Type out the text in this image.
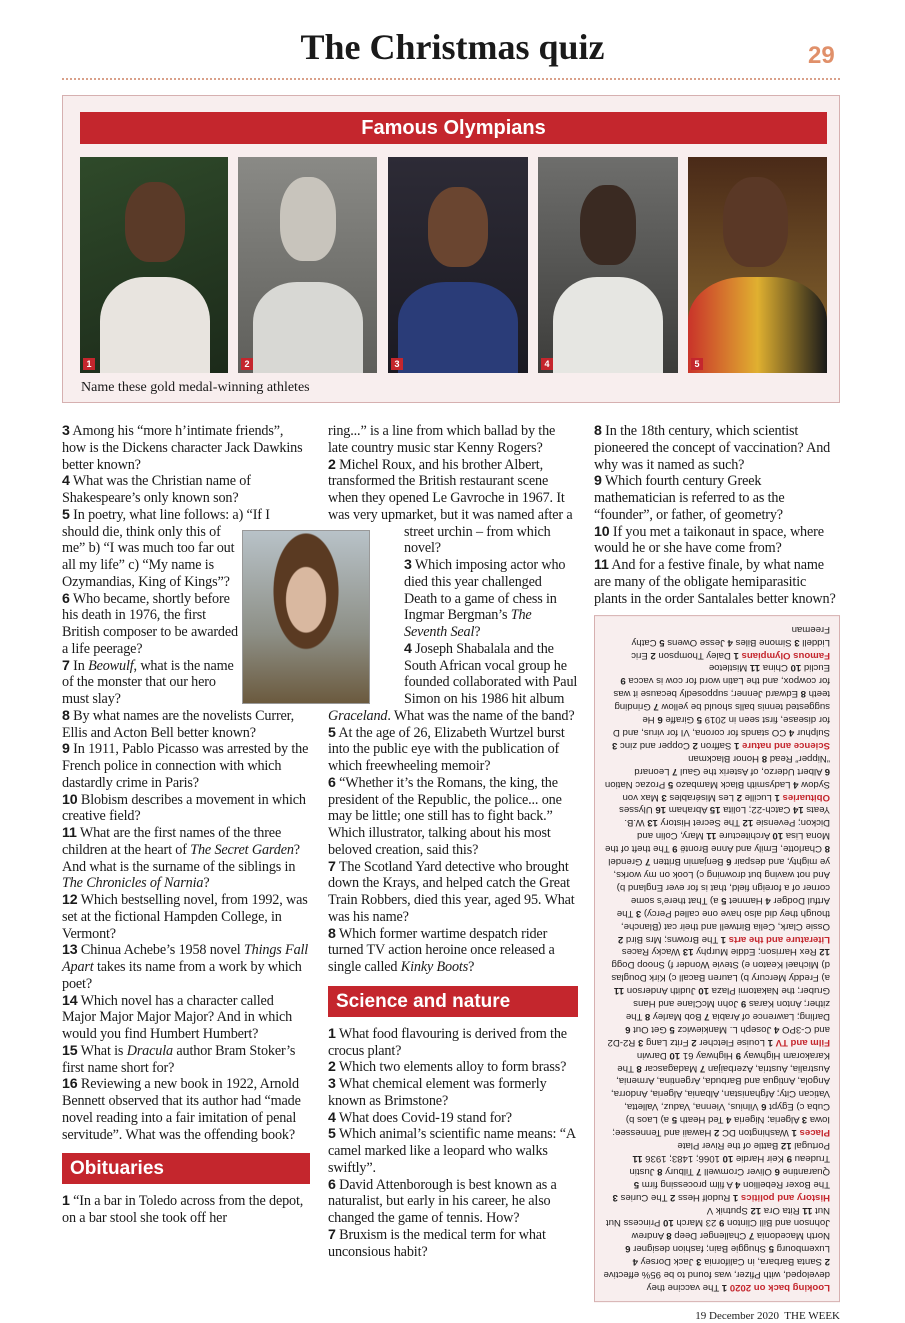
The Christmas quiz	29
Famous Olympians
1	2	3	4	5
Name these gold medal-winning athletes

3 Among his “more h’intimate friends”, how is the Dickens character Jack Dawkins better known?

4 What was the Christian name of Shakespeare’s only known son?

5 In poetry, what line follows: a) “If I should die, think only this of me” b) “I was much too far out all my life” c) “My name is Ozymandias, King of Kings”?

6 Who became, shortly before his death in 1976, the first British composer to be awarded a life peerage?

7 In Beowulf, what is the name of the monster that our hero must slay?

8 By what names are the novelists Currer, Ellis and Acton Bell better known?

9 In 1911, Pablo Picasso was arrested by the French police in connection with which dastardly crime in Paris?

10 Blobism describes a movement in which creative field?

11 What are the first names of the three children at the heart of The Secret Garden? And what is the surname of the siblings in The Chronicles of Narnia?

12 Which bestselling novel, from 1992, was set at the fictional Hampden College, in Vermont?

13 Chinua Achebe’s 1958 novel Things Fall Apart takes its name from a work by which poet?

14 Which novel has a character called Major Major Major Major? And in which would you find Humbert Humbert?

15 What is Dracula author Bram Stoker’s first name short for?

16 Reviewing a new book in 1922, Arnold Bennett observed that its author had “made novel reading into a fair imitation of penal servitude”. What was the offending book?

Obituaries

1 “In a bar in Toledo across from the depot, on a bar stool she took off her

ring...” is a line from which ballad by the late country music star Kenny Rogers?

2 Michel Roux, and his brother Albert, transformed the British restaurant scene when they opened Le Gavroche in 1967. It was very upmarket, but it was named after a street urchin – from which novel?

3 Which imposing actor who died this year challenged Death to a game of chess in Ingmar Bergman’s The Seventh Seal?

4 Joseph Shabalala and the South African vocal group he founded collaborated with Paul Simon on his 1986 hit album Graceland. What was the name of the band?

5 At the age of 26, Elizabeth Wurtzel burst into the public eye with the publication of which freewheeling memoir?

6 “Whether it’s the Romans, the king, the president of the Republic, the police... one may be little; one still has to fight back.” Which illustrator, talking about his most beloved creation, said this?

7 The Scotland Yard detective who brought down the Krays, and helped catch the Great Train Robbers, died this year, aged 95. What was his name?

8 Which former wartime despatch rider turned TV action heroine once released a single called Kinky Boots?

Science and nature

1 What food flavouring is derived from the crocus plant?

2 Which two elements alloy to form brass?

3 What chemical element was formerly known as Brimstone?

4 What does Covid-19 stand for?

5 Which animal’s scientific name means: “A camel marked like a leopard who walks swiftly”.

6 David Attenborough is best known as a naturalist, but early in his career, he also changed the game of tennis. How?

7 Bruxism is the medical term for what unconsious habit?

8 In the 18th century, which scientist pioneered the concept of vaccination? And why was it named as such?

9 Which fourth century Greek mathematician is referred to as the “founder”, or father, of geometry?

10 If you met a taikonaut in space, where would he or she have come from?

11 And for a festive finale, by what name are many of the obligate hemiparasitic plants in the order Santalales better known?

Looking back on 2020 1 The vaccine they developed, with Pfizer, was found to be 95% effective 2 Santa Barbara, in California 3 Jack Dorsey 4 Luxembourg 5 Shuggie Bain; fashion designer 6 North Macedonia 7 Challenger Deep 8 Andrew Johnson and Bill Clinton 9 23 March 10 Princess Nut Nut 11 Rita Ora 12 Sputnik V
History and politics 1 Rudolf Hess 2 The Curies 3 The Boxer Rebellion 4 A film processing firm 5 Quarantine 6 Oliver Cromwell 7 Tilbury 8 Justin Trudeau 9 Keir Hardie 10 1066; 1483; 1936 11 Portugal 12 Battle of the River Plate
Places 1 Washington DC 2 Hawaii and Tennessee; Iowa 3 Algeria; Nigeria 4 Ted Heath 5 a) Laos b) Cuba c) Egypt 6 Vilnius, Vienna, Vaduz, Valletta, Vatican City; Afghanistan, Albania, Algeria, Andorra, Angola, Antigua and Barbuda, Argentina, Armenia, Australia, Austria, Azerbaijan 7 Madagascar 8 The Karakoram Highway 9 Highway 61 10 Darwin
Film and TV 1 Louise Fletcher 2 Fritz Lang 3 R2-D2 and C-3PO 4 Joseph L. Mankiewicz 5 Get Out 6 Darling; Lawrence of Arabia 7 Bob Marley 8 The zither; Anton Karas 9 John McClane and Hans Gruber; the Nakatomi Plaza 10 Judith Anderson 11 a) Freddy Mercury b) Lauren Bacall c) Kirk Douglas d) Michael Keaton e) Stevie Wonder f) Snoop Dogg 12 Rex Harrison; Eddie Murphy 13 Wacky Races
Literature and the arts 1 The Browns; Mrs Bird 2 Ossie Clark, Celia Birtwell and their cat (Blanche, though they did also have one called Percy) 3 The Artful Dodger 4 Hamnet 5 a) That there’s some corner of a foreign field, that is for ever England b) And not waving but drowning c) Look on my works, ye mighty, and despair 6 Benjamin Britten 7 Grendel 8 Charlotte, Emily and Anne Brontë 9 The theft of the Mona Lisa 10 Architecture 11 Mary, Colin and Dickon; Pevensie 12 The Secret History 13 W.B. Yeats 14 Catch-22; Lolita 15 Abraham 16 Ulysses
Obituaries 1 Lucille 2 Les Misérables 3 Max von Sydow 4 Ladysmith Black Mambazo 5 Prozac Nation 6 Albert Uderzo, of Asterix the Gaul 7 Leonard “Nipper” Read 8 Honor Blackman
Science and nature 1 Saffron 2 Copper and zinc 3 Sulphur 4 CO stands for corona, VI for virus, and D for disease, first seen in 2019 5 Giraffe 6 He suggested tennis balls should be yellow 7 Grinding teeth 8 Edward Jenner; supposedly because it was for cowpox, and the Latin word for cow is vacca 9 Euclid 10 China 11 Mistletoe
Famous Olympians 1 Daley Thompson 2 Eric Liddell 3 Simone Biles 4 Jesse Owens 5 Cathy Freeman
19 December 2020 THE WEEK
